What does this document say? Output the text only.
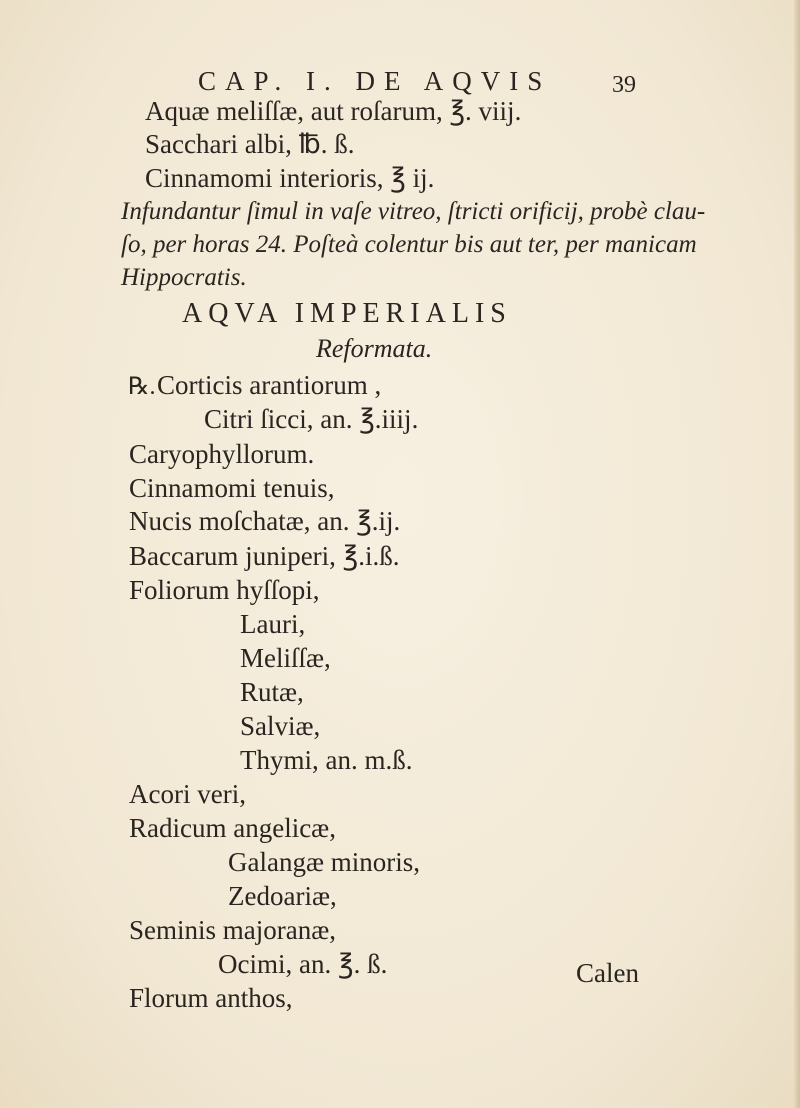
CAP. I. DE AQVIS	39
Aquæ meliſſæ, aut roſarum, ℥. viij.
Sacchari albi, ℔. ß.
Cinnamomi interioris, ℥ ij.
Infundantur ſimul in vaſe vitreo, ſtricti orificij, probè clau-
ſo, per horas 24. Poſteà colentur bis aut ter, per manicam
Hippocratis.
AQVA IMPERIALIS
Reformata.
℞. Corticis arantiorum ,
Citri ſicci, an. ℥.iiij.
Caryophyllorum.
Cinnamomi tenuis,
Nucis moſchatæ, an. ℥.ij.
Baccarum juniperi, ℥.i.ß.
Foliorum hyſſopi,
Lauri,
Meliſſæ,
Rutæ,
Salviæ,
Thymi, an. m.ß.
Acori veri,
Radicum angelicæ,
Galangæ minoris,
Zedoariæ,
Seminis majoranæ,
Ocimi, an. ℥. ß.
Florum anthos,
Calen
